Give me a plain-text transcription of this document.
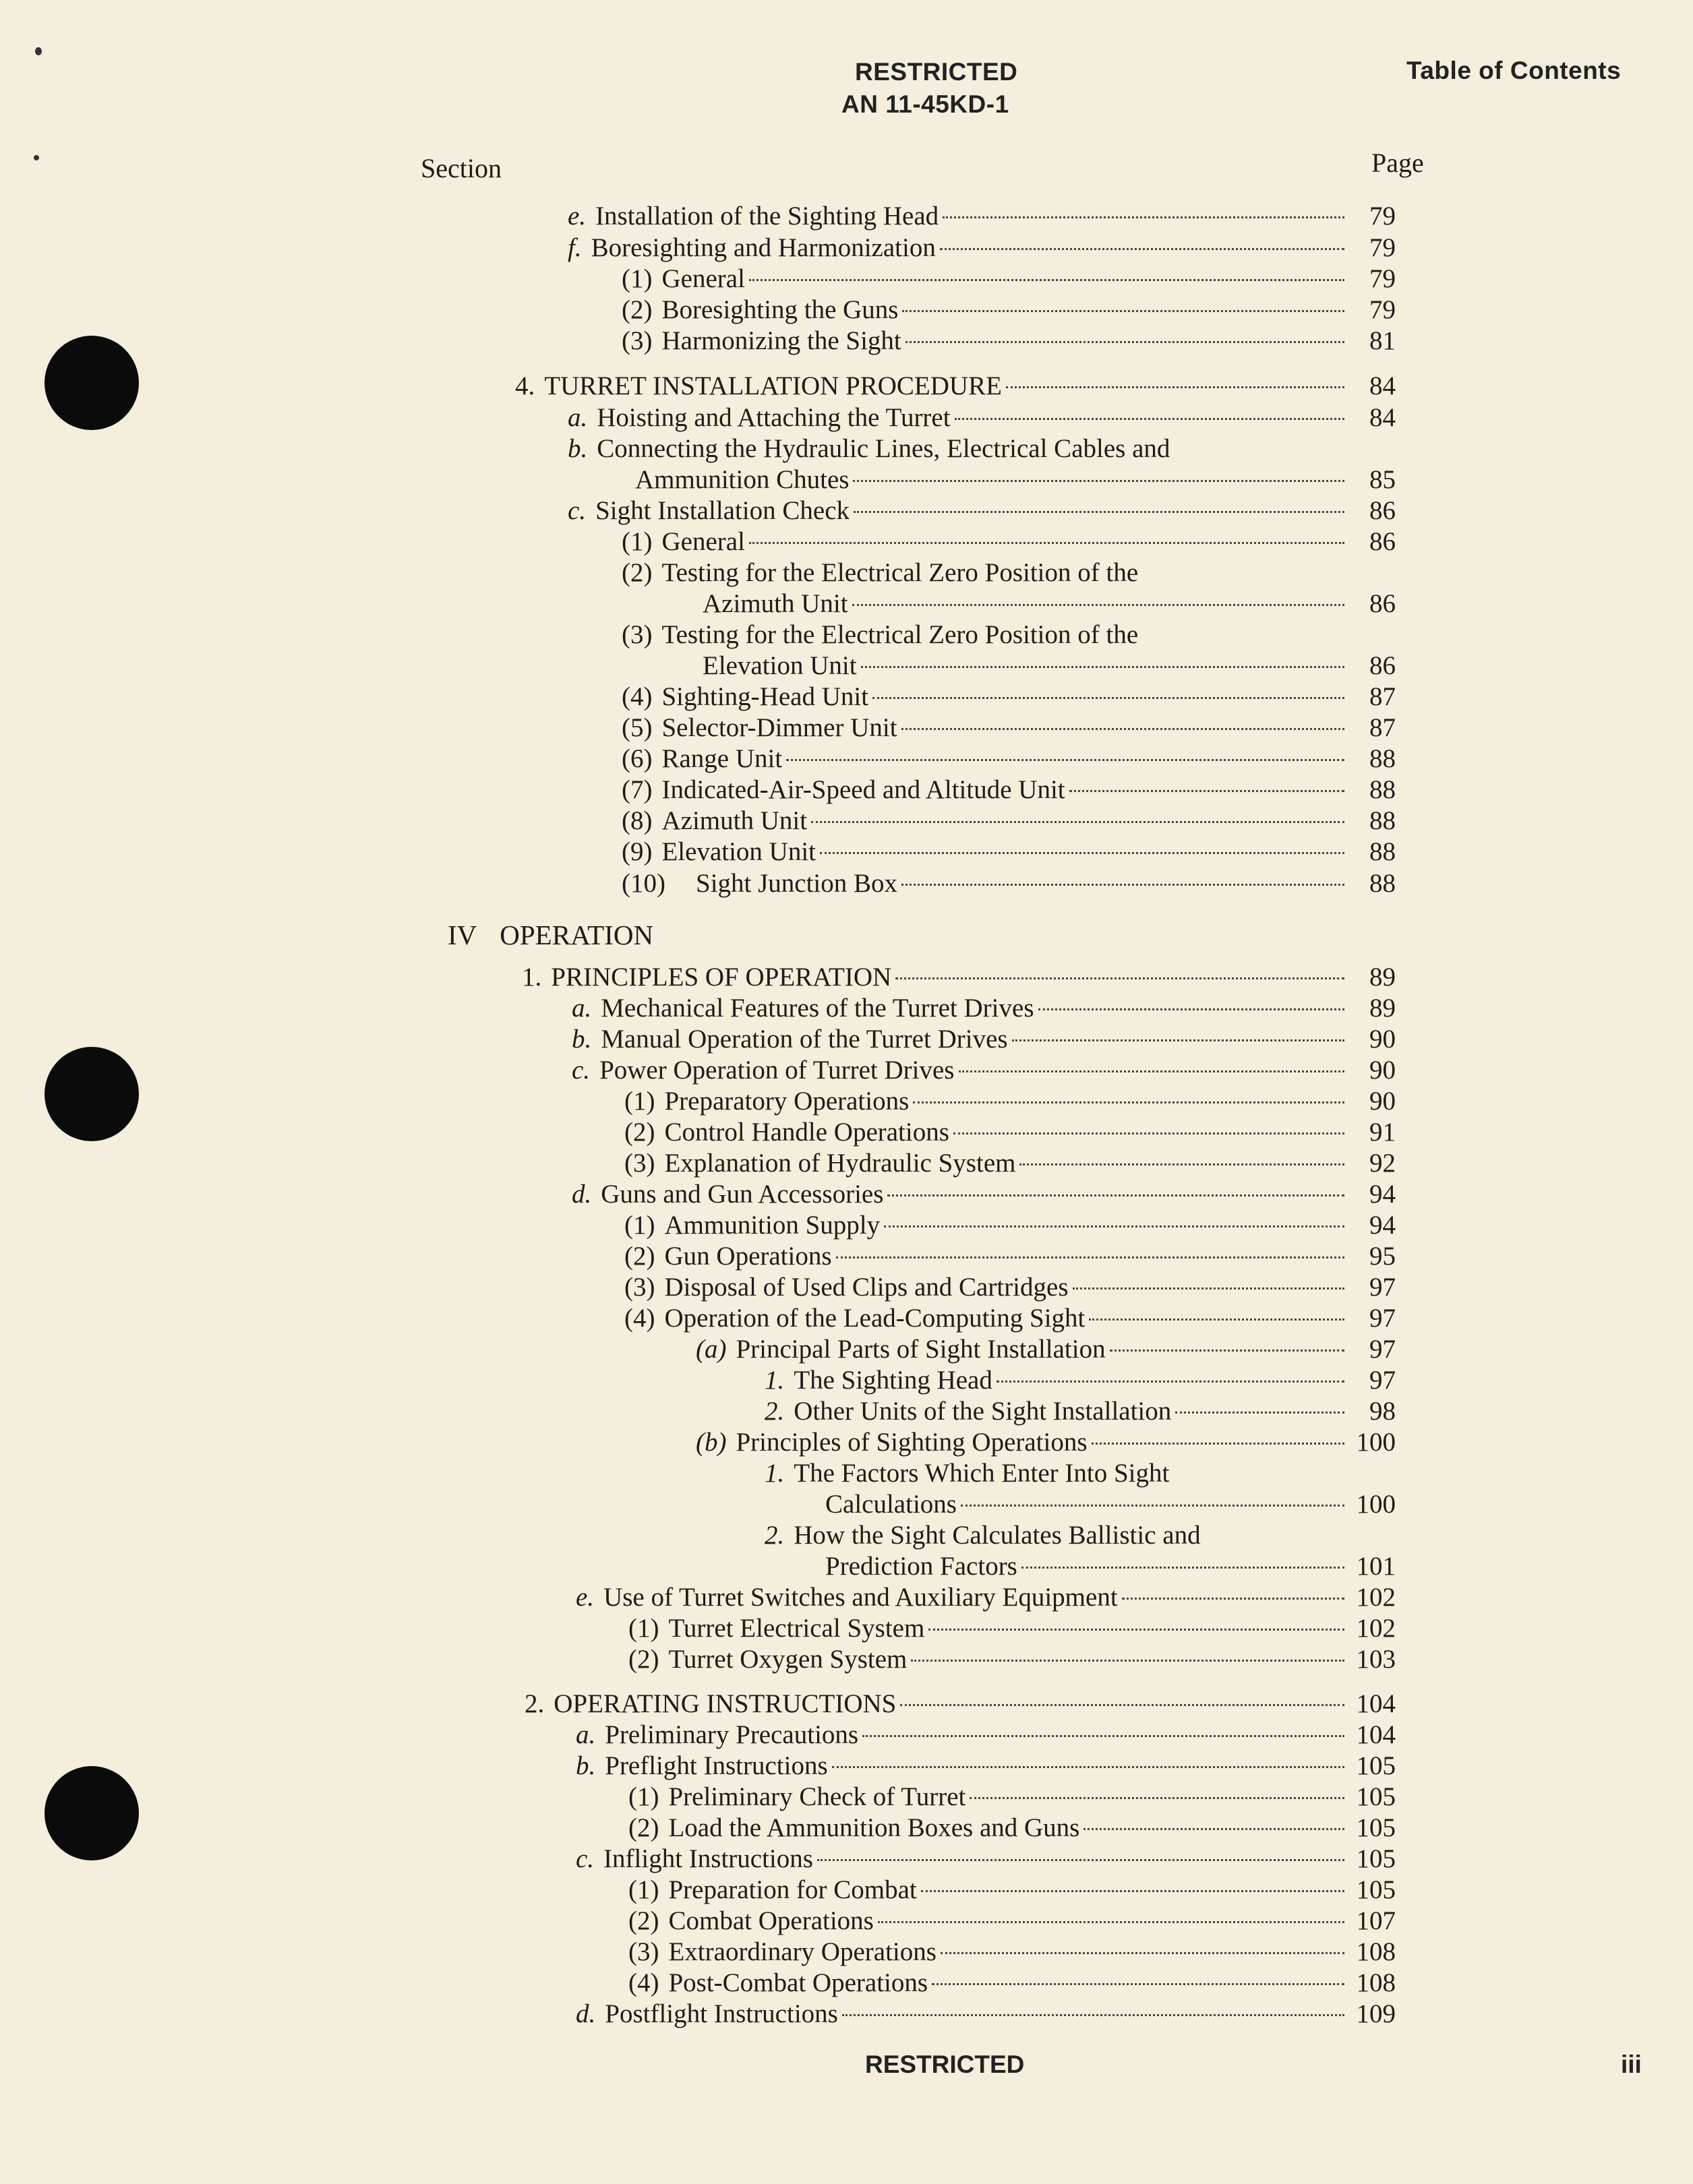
RESTRICTED
AN 11-45KD-1
Table of Contents
Section	Page
e. Installation of the Sighting Head	79
f. Boresighting and Harmonization	79
(1) General	79
(2) Boresighting the Guns	79
(3) Harmonizing the Sight	81
4. TURRET INSTALLATION PROCEDURE	84
a. Hoisting and Attaching the Turret	84
b. Connecting the Hydraulic Lines, Electrical Cables and
Ammunition Chutes	85
c. Sight Installation Check	86
(1) General	86
(2) Testing for the Electrical Zero Position of the
Azimuth Unit	86
(3) Testing for the Electrical Zero Position of the
Elevation Unit	86
(4) Sighting-Head Unit	87
(5) Selector-Dimmer Unit	87
(6) Range Unit	88
(7) Indicated-Air-Speed and Altitude Unit	88
(8) Azimuth Unit	88
(9) Elevation Unit	88
(10)	Sight Junction Box	88
IV OPERATION
1. PRINCIPLES OF OPERATION	89
a. Mechanical Features of the Turret Drives	89
b. Manual Operation of the Turret Drives	90
c. Power Operation of Turret Drives	90
(1) Preparatory Operations	90
(2) Control Handle Operations	91
(3) Explanation of Hydraulic System	92
d. Guns and Gun Accessories	94
(1) Ammunition Supply	94
(2) Gun Operations	95
(3) Disposal of Used Clips and Cartridges	97
(4) Operation of the Lead-Computing Sight	97
(a) Principal Parts of Sight Installation	97
1. The Sighting Head	97
2. Other Units of the Sight Installation	98
(b) Principles of Sighting Operations	100
1. The Factors Which Enter Into Sight
Calculations	100
2. How the Sight Calculates Ballistic and
Prediction Factors	101
e. Use of Turret Switches and Auxiliary Equipment	102
(1) Turret Electrical System	102
(2) Turret Oxygen System	103
2. OPERATING INSTRUCTIONS	104
a. Preliminary Precautions	104
b. Preflight Instructions	105
(1) Preliminary Check of Turret	105
(2) Load the Ammunition Boxes and Guns	105
c. Inflight Instructions	105
(1) Preparation for Combat	105
(2) Combat Operations	107
(3) Extraordinary Operations	108
(4) Post-Combat Operations	108
d. Postflight Instructions	109
RESTRICTED	iii
